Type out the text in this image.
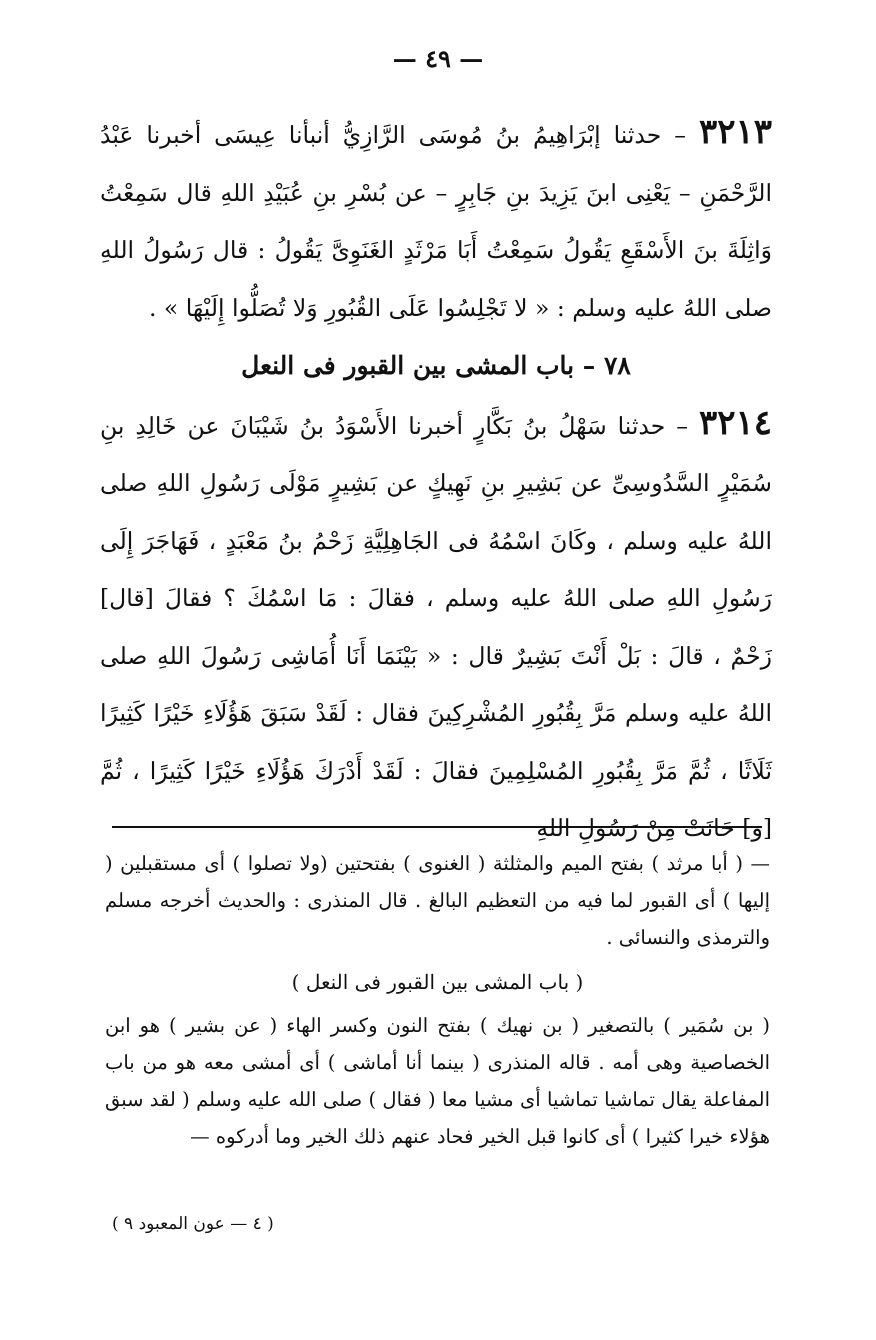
— ٤٩ —

٣٢١٣ – حدثنا إبْرَاهِيمُ بنُ مُوسَى الرَّازِيُّ أنبأنا عِيسَى أخبرنا عَبْدُ الرَّحْمَنِ – يَعْنِى ابنَ يَزِيدَ بنِ جَابِرٍ – عن بُسْرِ بنِ عُبَيْدِ اللهِ قال سَمِعْتُ وَاثِلَةَ بنَ الأَسْقَعِ يَقُولُ سَمِعْتُ أَبَا مَرْثَدٍ الغَنَوِىَّ يَقُولُ : قال رَسُولُ اللهِ صلى اللهُ عليه وسلم : « لا تَجْلِسُوا عَلَى القُبُورِ وَلا تُصَلُّوا إِلَيْهَا » .

٧٨ – باب المشى بين القبور فى النعل

٣٢١٤ – حدثنا سَهْلُ بنُ بَكَّارٍ أخبرنا الأَسْوَدُ بنُ شَيْبَانَ عن خَالِدِ بنِ سُمَيْرٍ السَّدُوسِىِّ عن بَشِيرِ بنِ نَهِيكٍ عن بَشِيرٍ مَوْلَى رَسُولِ اللهِ صلى اللهُ عليه وسلم ، وكَانَ اسْمُهُ فى الجَاهِلِيَّةِ زَحْمُ بنُ مَعْبَدٍ ، فَهَاجَرَ إِلَى رَسُولِ اللهِ صلى اللهُ عليه وسلم ، فقالَ : مَا اسْمُكَ ؟ فقالَ [قال] زَحْمٌ ، قالَ : بَلْ أَنْتَ بَشِيرٌ قال : « بَيْنَمَا أَنَا أُمَاشِى رَسُولَ اللهِ صلى اللهُ عليه وسلم مَرَّ بِقُبُورِ المُشْرِكِينَ فقال : لَقَدْ سَبَقَ هَؤُلَاءِ خَيْرًا كَثِيرًا ثَلَاثًا ، ثُمَّ مَرَّ بِقُبُورِ المُسْلِمِينَ فقالَ : لَقَدْ أَدْرَكَ هَؤُلَاءِ خَيْرًا كَثِيرًا ، ثُمَّ [و] حَانَتْ مِنْ رَسُولِ اللهِ

— ( أبا مرثد ) بفتح الميم والمثلثة ( الغنوى ) بفتحتين (ولا تصلوا ) أى مستقبلين ( إليها ) أى القبور لما فيه من التعظيم البالغ . قال المنذرى : والحديث أخرجه مسلم والترمذى والنسائى .

( باب المشى بين القبور فى النعل )

( بن سُمَير ) بالتصغير ( بن نهيك ) بفتح النون وكسر الهاء ( عن بشير ) هو ابن الخصاصية وهى أمه . قاله المنذرى ( بينما أنا أماشى ) أى أمشى معه هو من باب المفاعلة يقال تماشيا تماشيا أى مشيا معا ( فقال ) صلى الله عليه وسلم ( لقد سبق هؤلاء خيرا كثيرا ) أى كانوا قبل الخير فحاد عنهم ذلك الخير وما أدركوه —

( ٤ — عون المعبود ٩ )
